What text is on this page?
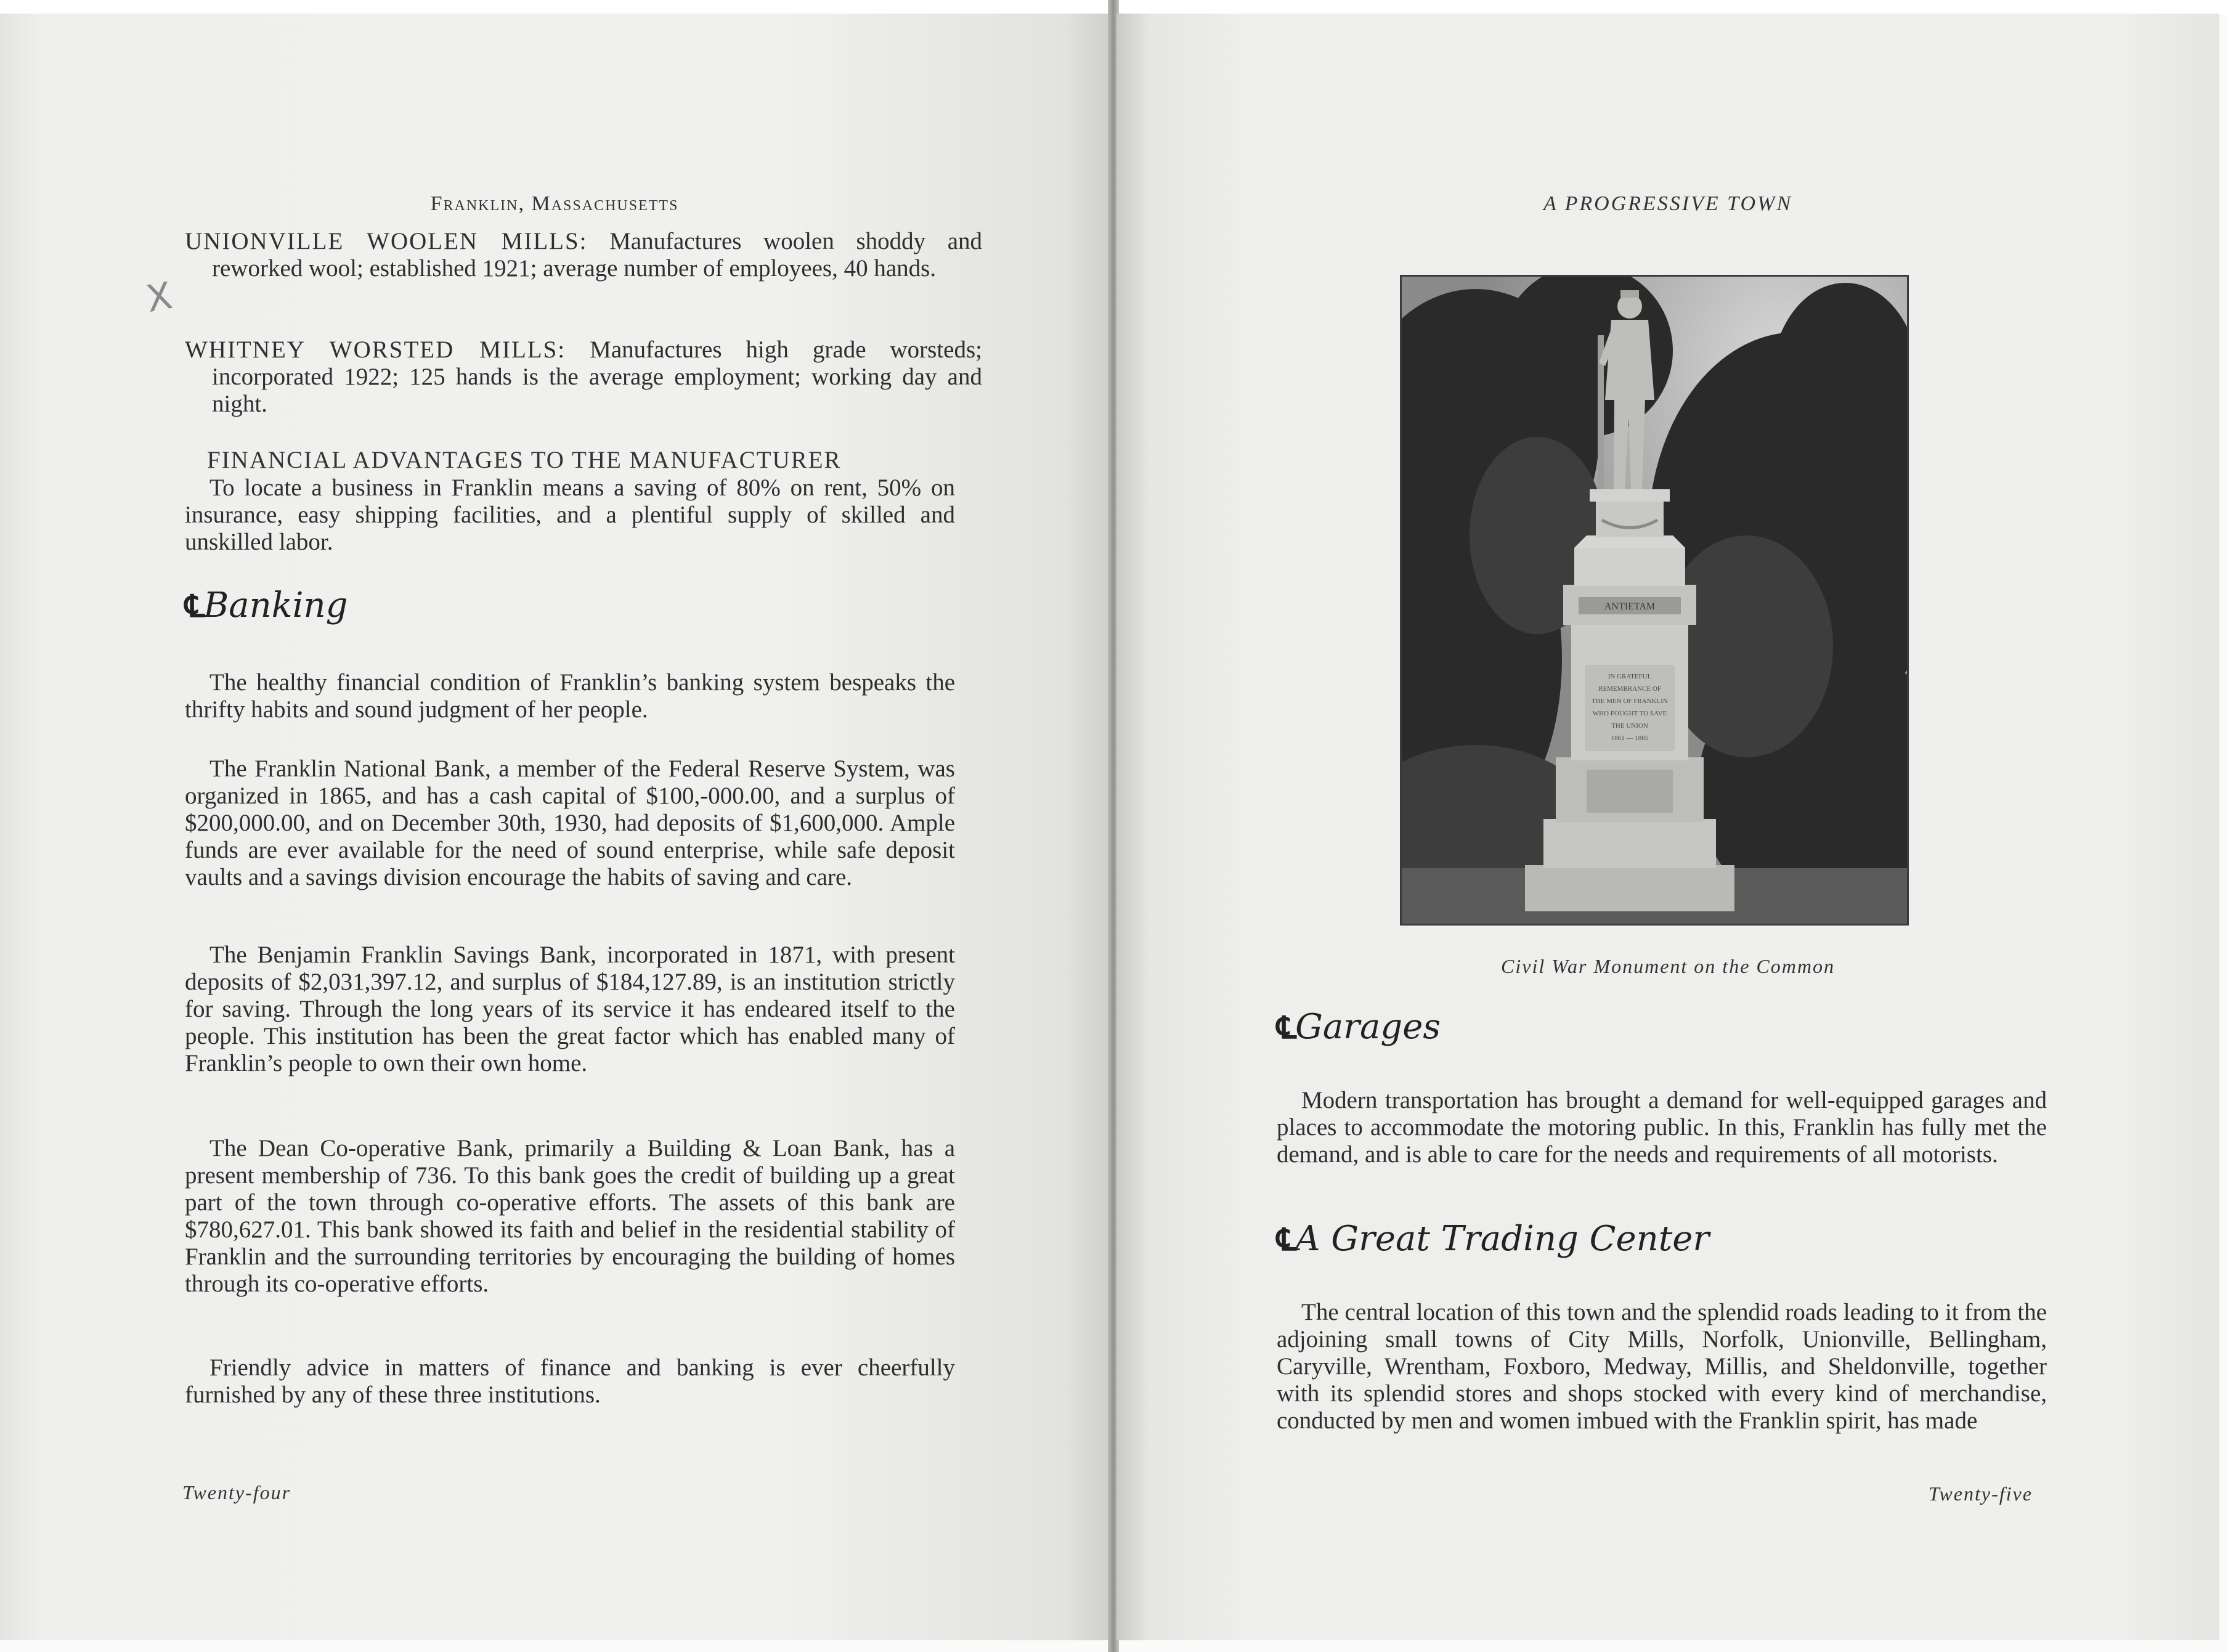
Franklin, Massachusetts
X
UNIONVILLE WOOLEN MILLS: Manufactures woolen shoddy and reworked wool; established 1921; average number of employees, 40 hands.
WHITNEY WORSTED MILLS: Manufactures high grade worsteds; incorporated 1922; 125 hands is the average employment; working day and night.
FINANCIAL ADVANTAGES TO THE MANUFACTURER
To locate a business in Franklin means a saving of 80% on rent, 50% on insurance, easy shipping facilities, and a plentiful supply of skilled and unskilled labor.
℄ Banking
The healthy financial condition of Franklin’s banking system bespeaks the thrifty habits and sound judgment of her people.
The Franklin National Bank, a member of the Federal Reserve System, was organized in 1865, and has a cash capital of $100,-000.00, and a surplus of $200,000.00, and on December 30th, 1930, had deposits of $1,600,000. Ample funds are ever available for the need of sound enterprise, while safe deposit vaults and a savings division encourage the habits of saving and care.
The Benjamin Franklin Savings Bank, incorporated in 1871, with present deposits of $2,031,397.12, and surplus of $184,127.89, is an institution strictly for saving. Through the long years of its service it has endeared itself to the people. This institution has been the great factor which has enabled many of Franklin’s people to own their own home.
The Dean Co-operative Bank, primarily a Building & Loan Bank, has a present membership of 736. To this bank goes the credit of building up a great part of the town through co-operative efforts. The assets of this bank are $780,627.01. This bank showed its faith and belief in the residential stability of Franklin and the surrounding territories by encouraging the building of homes through its co-operative efforts.
Friendly advice in matters of finance and banking is ever cheerfully furnished by any of these three institutions.
Twenty-four
A PROGRESSIVE TOWN
ANTIETAM
IN GRATEFUL
REMEMBRANCE OF
THE MEN OF FRANKLIN
WHO FOUGHT TO SAVE
THE UNION
1861 — 1865
Civil War Monument on the Common
℄ Garages
Modern transportation has brought a demand for well-equipped garages and places to accommodate the motoring public. In this, Franklin has fully met the demand, and is able to care for the needs and requirements of all motorists.
℄ A Great Trading Center
The central location of this town and the splendid roads leading to it from the adjoining small towns of City Mills, Norfolk, Unionville, Bellingham, Caryville, Wrentham, Foxboro, Medway, Millis, and Sheldonville, together with its splendid stores and shops stocked with every kind of merchandise, conducted by men and women imbued with the Franklin spirit, has made
Twenty-five
